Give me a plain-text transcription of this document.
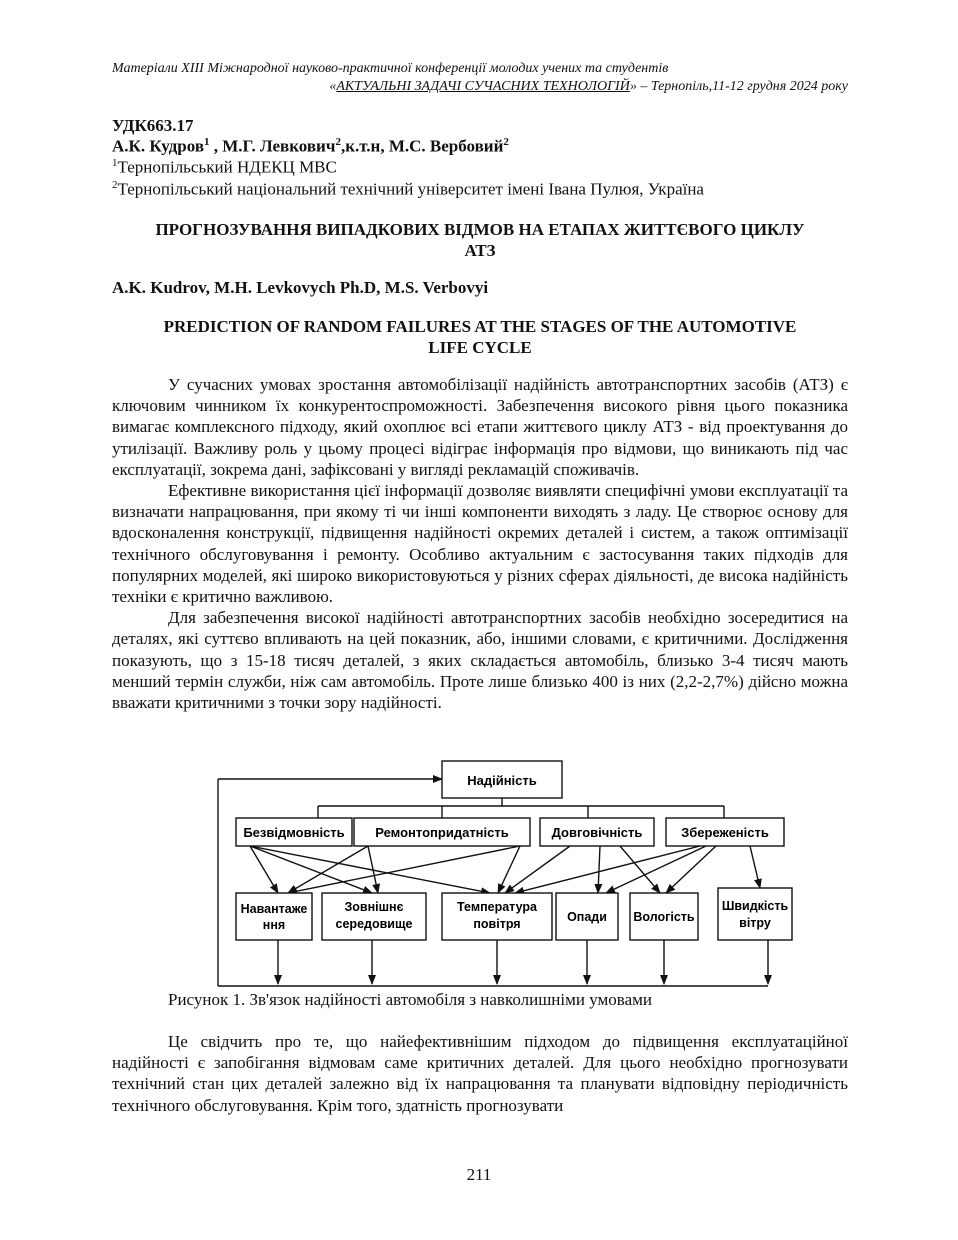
Матеріали XIII Міжнародної науково-практичної конференції молодих учених та студентів
«АКТУАЛЬНІ ЗАДАЧІ СУЧАСНИХ ТЕХНОЛОГІЙ» – Тернопіль,11-12 грудня 2024 року
УДК663.17
А.К. Кудров$^1$ , М.Г. Левкович$^2$,к.т.н, М.С. Вербовий$^2$
$^1$Тернопільський НДЕКЦ МВС
$^2$Тернопільський національний технічний університет імені Івана Пулюя, Україна
ПРОГНОЗУВАННЯ ВИПАДКОВИХ ВІДМОВ НА ЕТАПАХ ЖИТТЄВОГО ЦИКЛУ
АТЗ
A.K. Kudrov, M.H. Levkovych Ph.D, M.S. Verbovyi
PREDICTION OF RANDOM FAILURES AT THE STAGES OF THE AUTOMOTIVE
LIFE CYCLE

У сучасних умовах зростання автомобілізації надійність автотранспортних засобів (АТЗ) є ключовим чинником їх конкурентоспроможності. Забезпечення високого рівня цього показника вимагає комплексного підходу, який охоплює всі етапи життєвого циклу АТЗ - від проектування до утилізації. Важливу роль у цьому процесі відіграє інформація про відмови, що виникають під час експлуатації, зокрема дані, зафіксовані у вигляді рекламацій споживачів.

Ефективне використання цієї інформації дозволяє виявляти специфічні умови експлуатації та визначати напрацювання, при якому ті чи інші компоненти виходять з ладу. Це створює основу для вдосконалення конструкції, підвищення надійності окремих деталей і систем, а також оптимізації технічного обслуговування і ремонту. Особливо актуальним є застосування таких підходів для популярних моделей, які широко використовуються у різних сферах діяльності, де висока надійність техніки є критично важливою.

Для забезпечення високої надійності автотранспортних засобів необхідно зосередитися на деталях, які суттєво впливають на цей показник, або, іншими словами, є критичними. Дослідження показують, що з 15-18 тисяч деталей, з яких складається автомобіль, близько 3-4 тисяч мають менший термін служби, ніж сам автомобіль. Проте лише близько 400 із них (2,2-2,7%) дійсно можна вважати критичними з точки зору надійності.

Надійність
Безвідмовність Ремонтопридатність	Довговічність	Збереженість
Навантаже
ння
Зовнішнє
середовище
Температура
повітря	Опади Вологість
Швидкість
вітру
Рисунок 1. Зв'язок надійності автомобіля з навколишніми умовами

Це свідчить про те, що найефективнішим підходом до підвищення експлуатаційної надійності є запобігання відмовам саме критичних деталей. Для цього необхідно прогнозувати технічний стан цих деталей залежно від їх напрацювання та планувати відповідну періодичність технічного обслуговування. Крім того, здатність прогнозувати

211
